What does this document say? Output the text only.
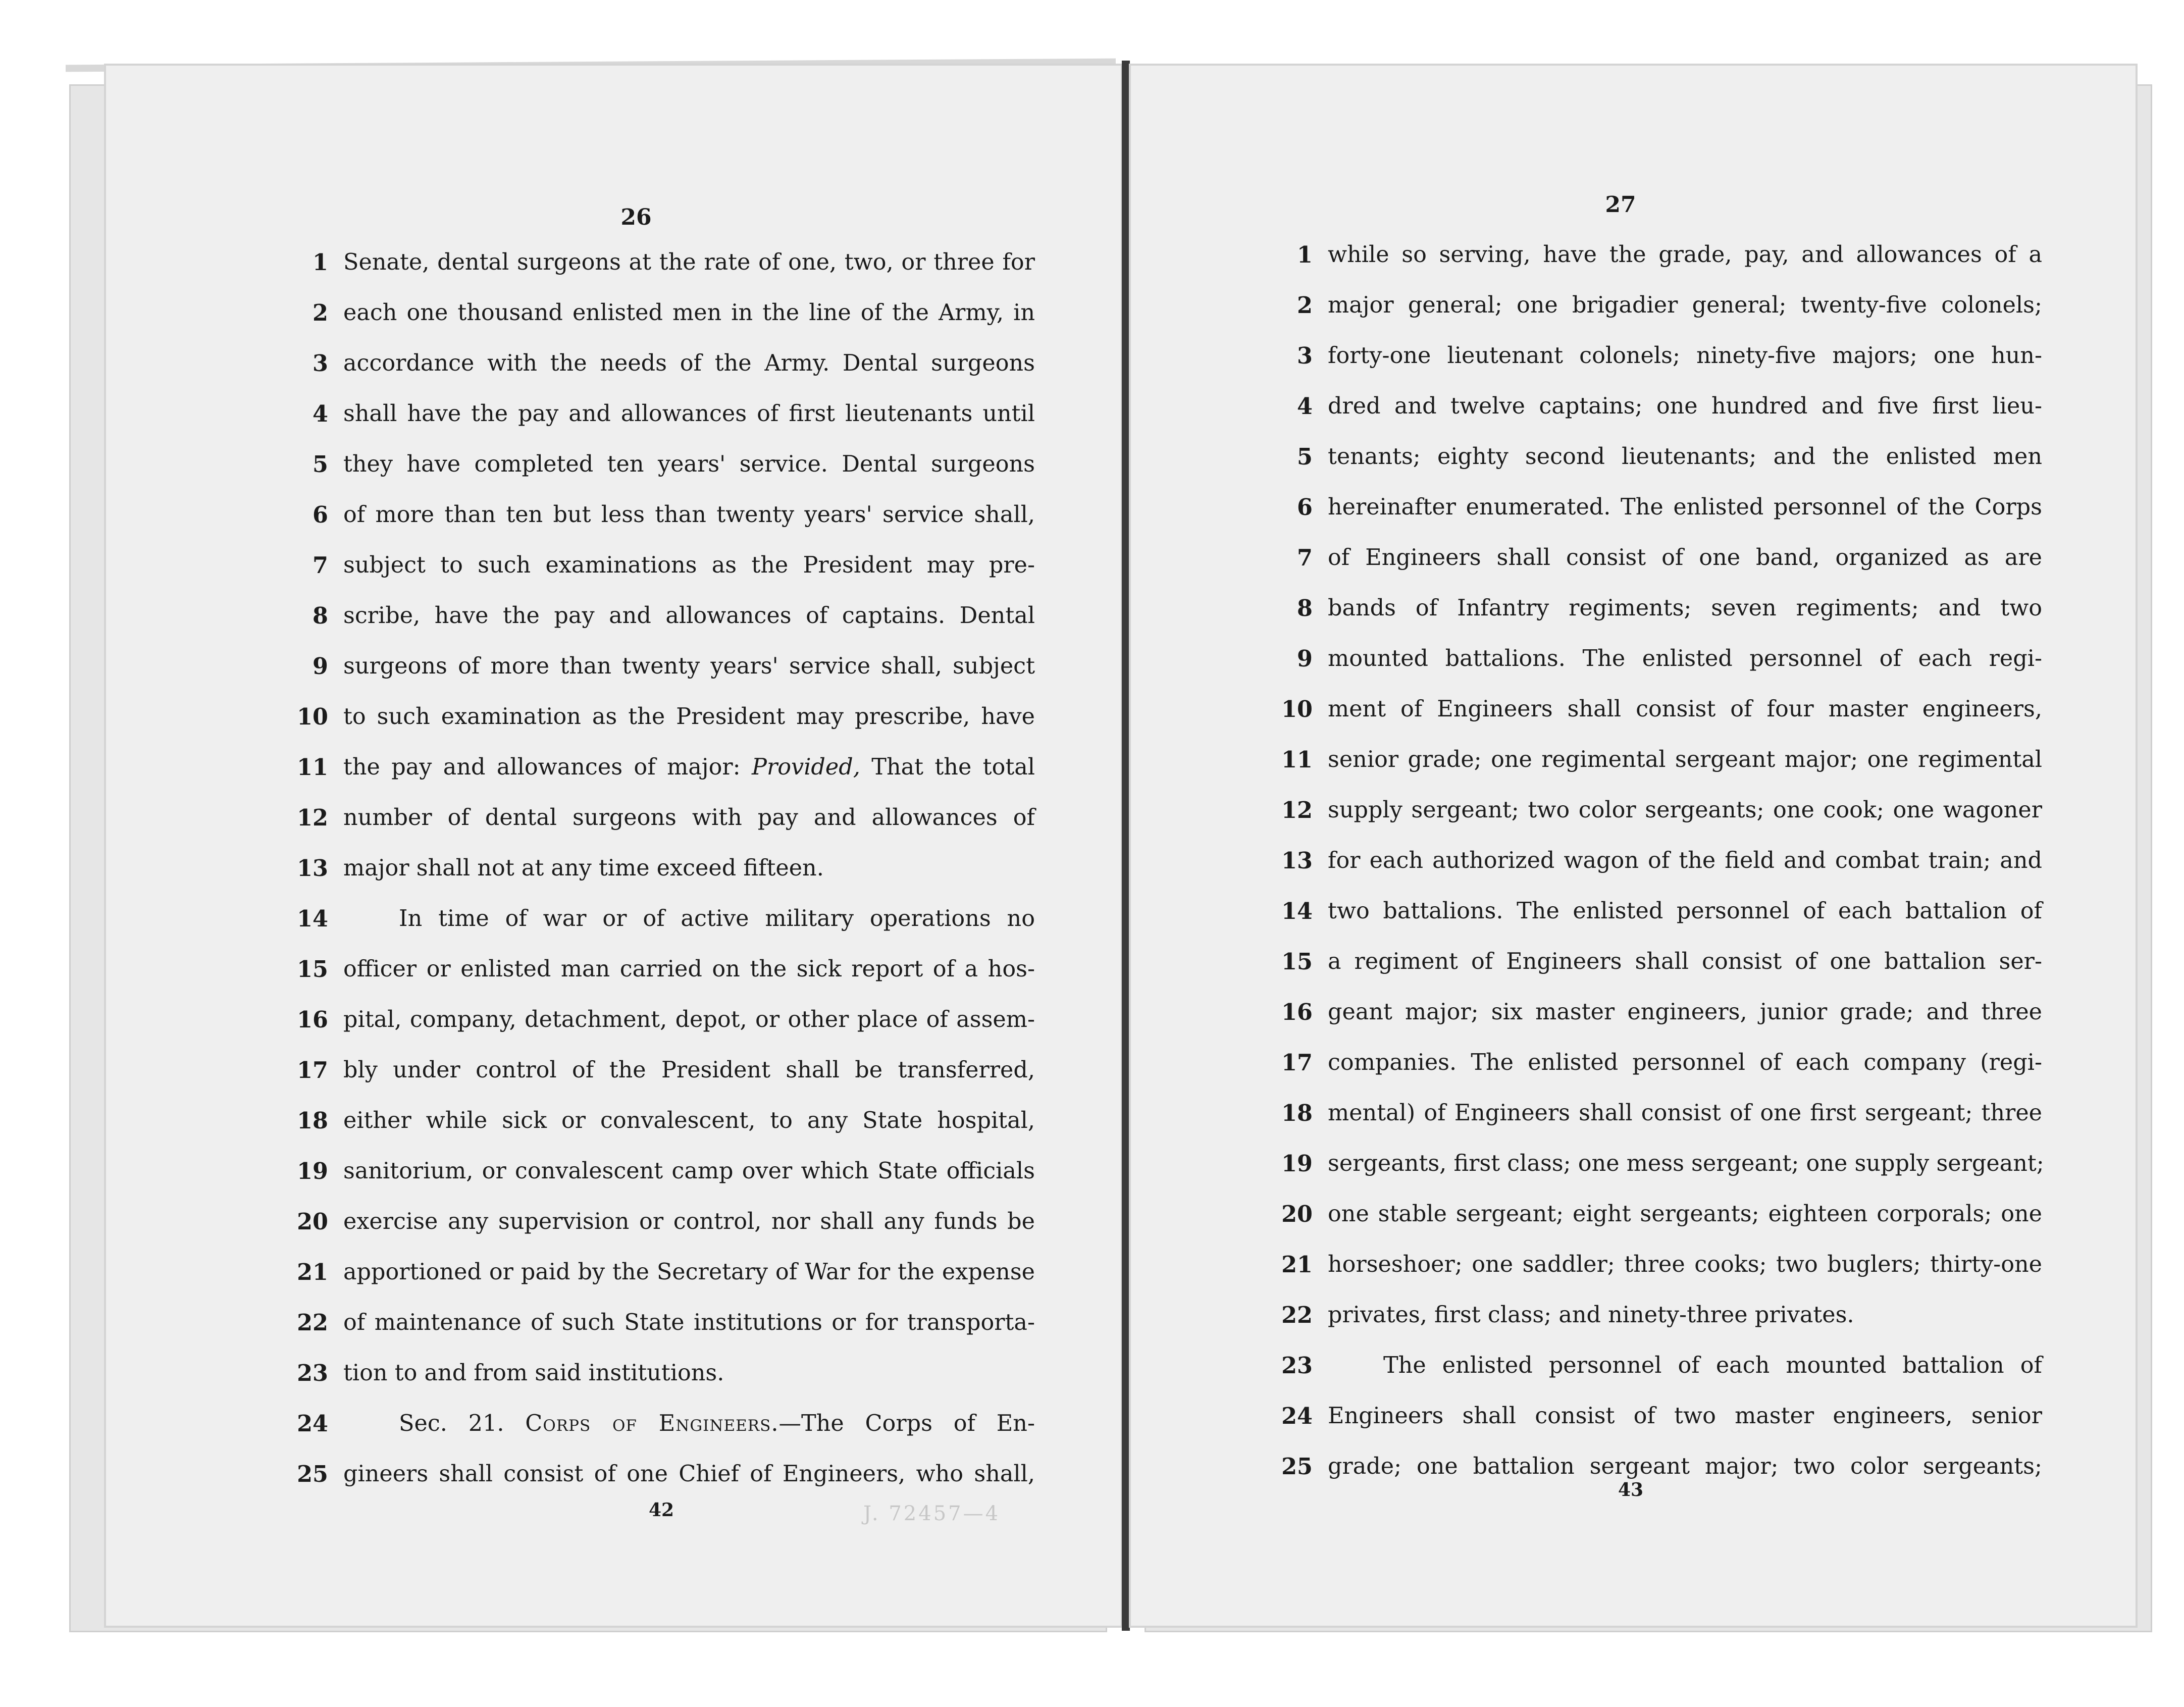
26
1 Senate, dental surgeons at the rate of one, two, or three for
2 each one thousand enlisted men in the line of the Army, in
3 accordance with the needs of the Army. Dental surgeons
4 shall have the pay and allowances of first lieutenants until
5 they have completed ten years' service. Dental surgeons
6 of more than ten but less than twenty years' service shall,
7 subject to such examinations as the President may pre-
8 scribe, have the pay and allowances of captains. Dental
9 surgeons of more than twenty years' service shall, subject
10 to such examination as the President may prescribe, have
11 the pay and allowances of major: Provided, That the total
12 number of dental surgeons with pay and allowances of
13 major shall not at any time exceed fifteen.
14	In time of war or of active military operations no
15 officer or enlisted man carried on the sick report of a hos-
16 pital, company, detachment, depot, or other place of assem-
17 bly under control of the President shall be transferred,
18 either while sick or convalescent, to any State hospital,
19 sanitorium, or convalescent camp over which State officials
20 exercise any supervision or control, nor shall any funds be
21 apportioned or paid by the Secretary of War for the expense
22 of maintenance of such State institutions or for transporta-
23 tion to and from said institutions.
24	Sec. 21. Corps of Engineers.—The Corps of En-
25 gineers shall consist of one Chief of Engineers, who shall,
42	J. 72457—4
27
1 while so serving, have the grade, pay, and allowances of a
2 major general; one brigadier general; twenty-five colonels;
3 forty-one lieutenant colonels; ninety-five majors; one hun-
4 dred and twelve captains; one hundred and five first lieu-
5 tenants; eighty second lieutenants; and the enlisted men
6 hereinafter enumerated. The enlisted personnel of the Corps
7 of Engineers shall consist of one band, organized as are
8 bands of Infantry regiments; seven regiments; and two
9 mounted battalions. The enlisted personnel of each regi-
10 ment of Engineers shall consist of four master engineers,
11 senior grade; one regimental sergeant major; one regimental
12 supply sergeant; two color sergeants; one cook; one wagoner
13 for each authorized wagon of the field and combat train; and
14 two battalions. The enlisted personnel of each battalion of
15 a regiment of Engineers shall consist of one battalion ser-
16 geant major; six master engineers, junior grade; and three
17 companies. The enlisted personnel of each company (regi-
18 mental) of Engineers shall consist of one first sergeant; three
19 sergeants, first class; one mess sergeant; one supply sergeant;
20 one stable sergeant; eight sergeants; eighteen corporals; one
21 horseshoer; one saddler; three cooks; two buglers; thirty-one
22 privates, first class; and ninety-three privates.
23	The enlisted personnel of each mounted battalion of
24 Engineers shall consist of two master engineers, senior
25 grade; one battalion sergeant major; two color sergeants;
43
